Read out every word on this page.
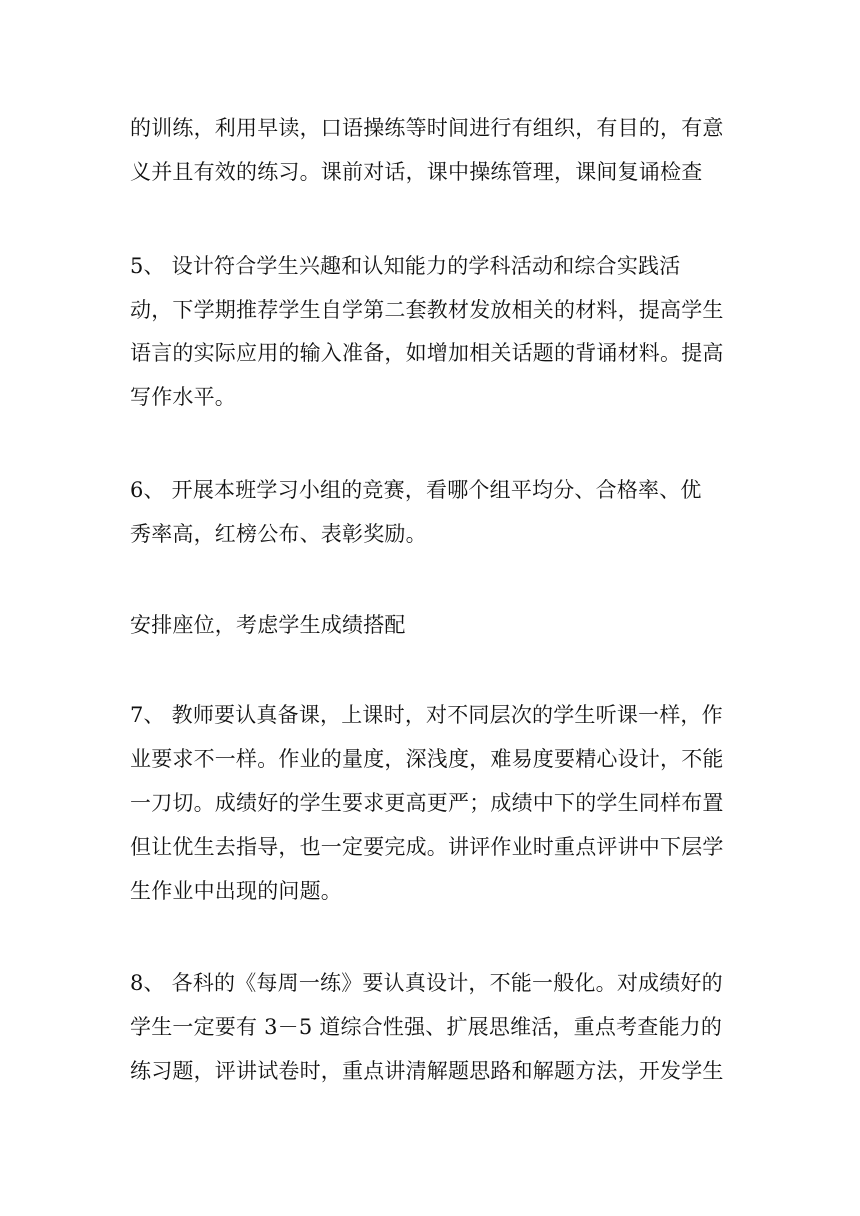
的训练，利用早读，口语操练等时间进行有组织，有目的，有意
义并且有效的练习。课前对话，课中操练管理，课间复诵检查
5、 设计符合学生兴趣和认知能力的学科活动和综合实践活
动，下学期推荐学生自学第二套教材发放相关的材料，提高学生
语言的实际应用的输入准备，如增加相关话题的背诵材料。提高
写作水平。
6、 开展本班学习小组的竞赛，看哪个组平均分、合格率、优
秀率高，红榜公布、表彰奖励。
安排座位，考虑学生成绩搭配
7、 教师要认真备课，上课时，对不同层次的学生听课一样，作
业要求不一样。作业的量度，深浅度，难易度要精心设计，不能
一刀切。成绩好的学生要求更高更严；成绩中下的学生同样布置
但让优生去指导，也一定要完成。讲评作业时重点评讲中下层学
生作业中出现的问题。
8、 各科的《每周一练》要认真设计，不能一般化。对成绩好的
学生一定要有 3－5 道综合性强、扩展思维活，重点考查能力的
练习题，评讲试卷时，重点讲清解题思路和解题方法，开发学生
